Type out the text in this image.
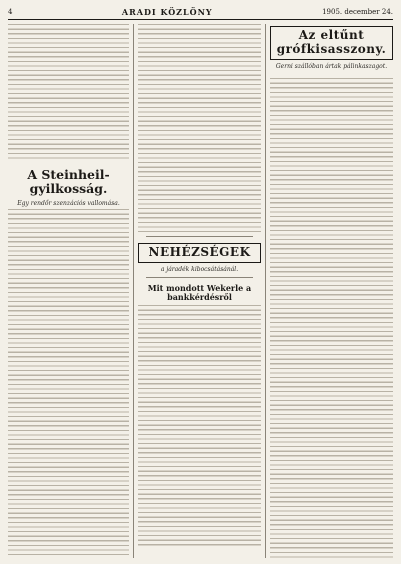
4	ARADI KÖZLÖNY	1905. december 24.
A Steinheil-gyilkosság.
Egy rendőr szenzációs vallomása.
NEHÉZSÉGEK
a járadék kibocsátásánál.
Mit mondott Wekerle a bankkérdésről
Az eltűnt grófkisasszony.
Gerni szállóban ártak pálinkaszagot.
